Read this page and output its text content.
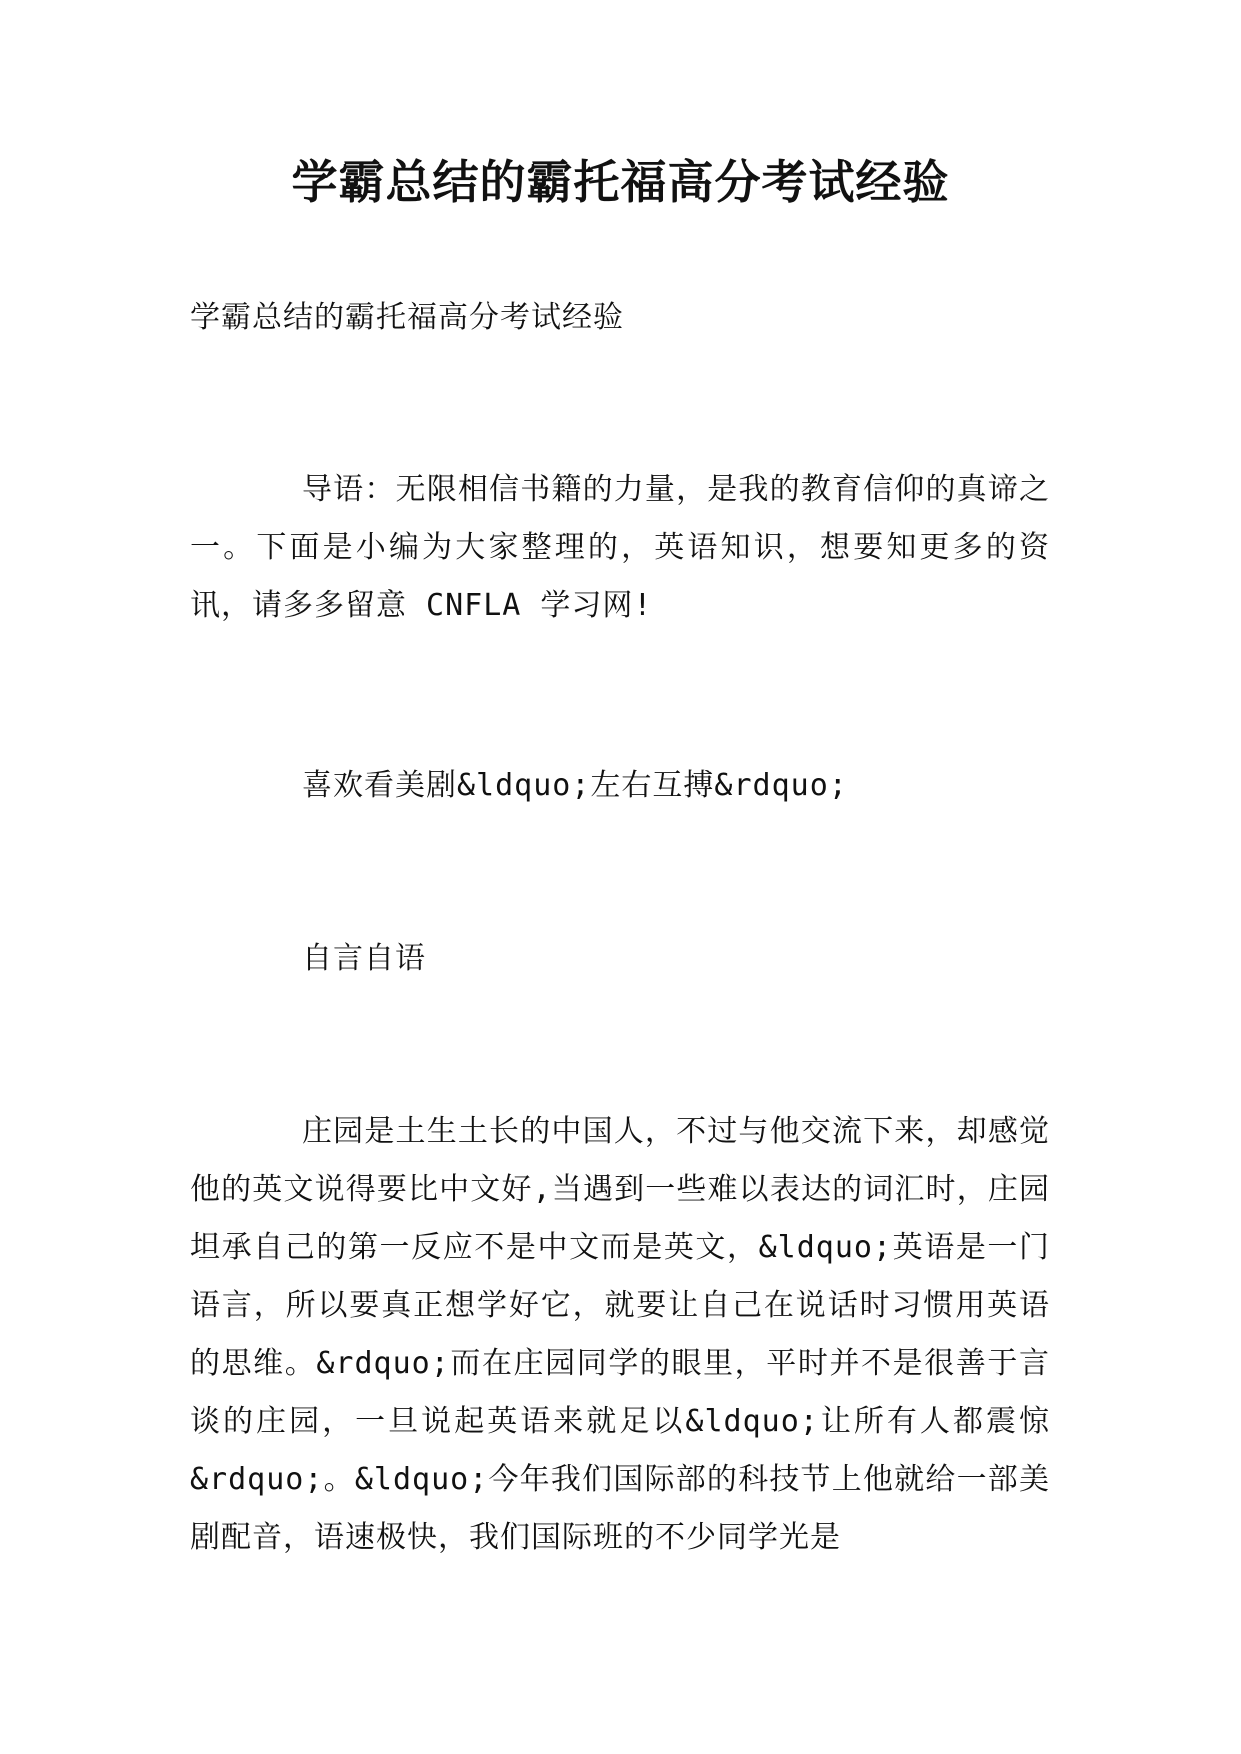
学霸总结的霸托福高分考试经验

学霸总结的霸托福高分考试经验

导语：无限相信书籍的力量，是我的教育信仰的真谛之一。下面是小编为大家整理的，英语知识，想要知更多的资讯，请多多留意 CNFLA 学习网!

喜欢看美剧&ldquo;左右互搏&rdquo;

自言自语

庄园是土生土长的中国人，不过与他交流下来，却感觉他的英文说得要比中文好,当遇到一些难以表达的词汇时，庄园坦承自己的第一反应不是中文而是英文，&ldquo;英语是一门语言，所以要真正想学好它，就要让自己在说话时习惯用英语的思维。&rdquo;而在庄园同学的眼里，平时并不是很善于言谈的庄园，一旦说起英语来就足以&ldquo;让所有人都震惊&rdquo;。&ldquo;今年我们国际部的科技节上他就给一部美剧配音，语速极快，我们国际班的不少同学光是
